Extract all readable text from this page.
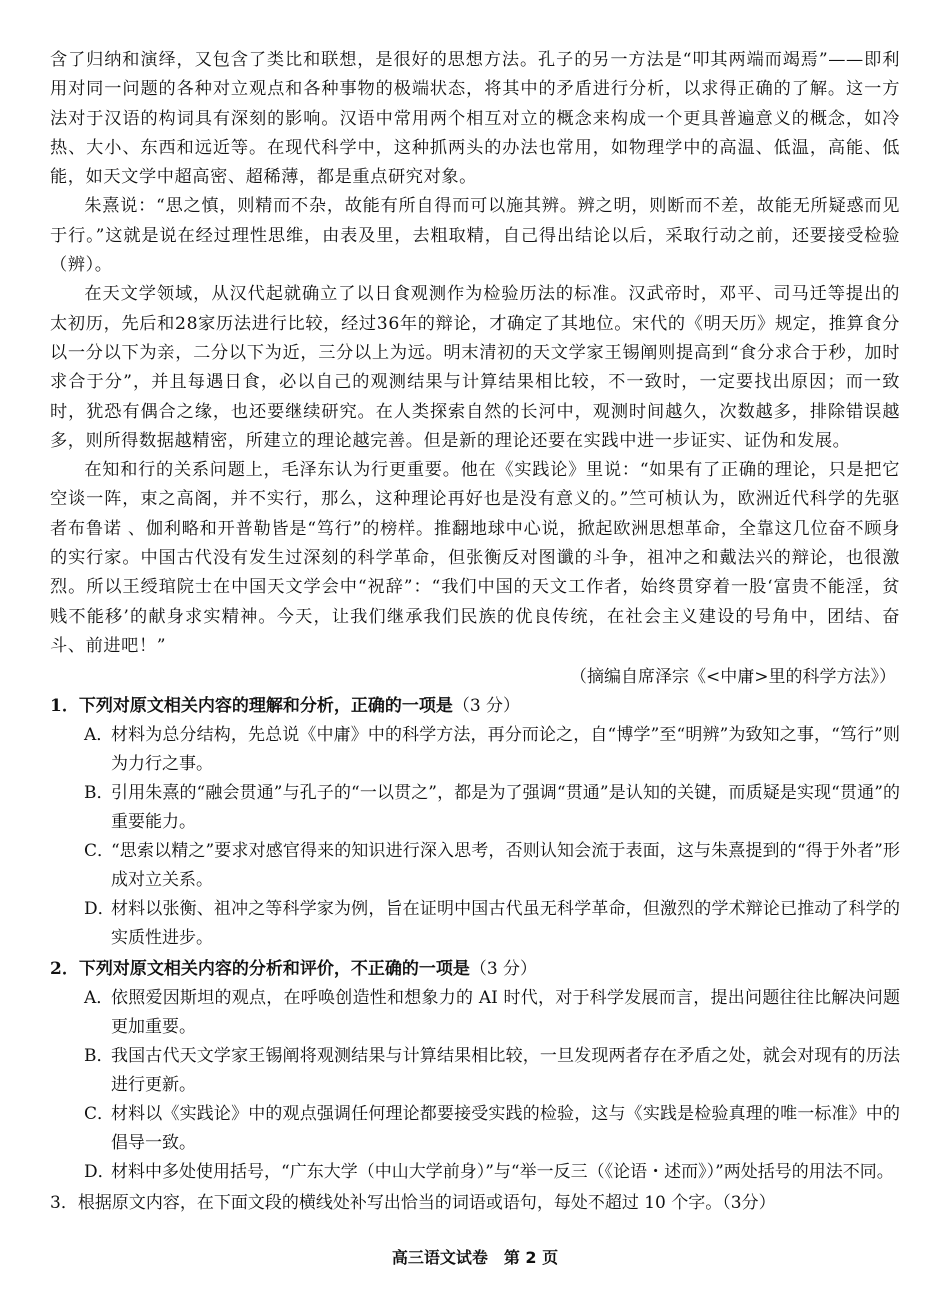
含了归纳和演绎，又包含了类比和联想，是很好的思想方法。孔子的另一方法是“叩其两端而竭焉”——即利用对同一问题的各种对立观点和各种事物的极端状态，将其中的矛盾进行分析，以求得正确的了解。这一方法对于汉语的构词具有深刻的影响。汉语中常用两个相互对立的概念来构成一个更具普遍意义的概念，如冷热、大小、东西和远近等。在现代科学中，这种抓两头的办法也常用，如物理学中的高温、低温，高能、低能，如天文学中超高密、超稀薄，都是重点研究对象。

朱熹说：“思之慎，则精而不杂，故能有所自得而可以施其辨。辨之明，则断而不差，故能无所疑惑而见于行。”这就是说在经过理性思维，由表及里，去粗取精，自己得出结论以后，采取行动之前，还要接受检验（辨）。

在天文学领域，从汉代起就确立了以日食观测作为检验历法的标准。汉武帝时，邓平、司马迁等提出的太初历，先后和28家历法进行比较，经过36年的辩论，才确定了其地位。宋代的《明天历》规定，推算食分以一分以下为亲，二分以下为近，三分以上为远。明末清初的天文学家王锡阐则提高到“食分求合于秒，加时求合于分”，并且每遇日食，必以自己的观测结果与计算结果相比较，不一致时，一定要找出原因；而一致时，犹恐有偶合之缘，也还要继续研究。在人类探索自然的长河中，观测时间越久，次数越多，排除错误越多，则所得数据越精密，所建立的理论越完善。但是新的理论还要在实践中进一步证实、证伪和发展。

在知和行的关系问题上，毛泽东认为行更重要。他在《实践论》里说：“如果有了正确的理论，只是把它空谈一阵，束之高阁，并不实行，那么，这种理论再好也是没有意义的。”竺可桢认为，欧洲近代科学的先驱者布鲁诺 、伽利略和开普勒皆是“笃行”的榜样。推翻地球中心说，掀起欧洲思想革命，全靠这几位奋不顾身的实行家。中国古代没有发生过深刻的科学革命，但张衡反对图谶的斗争，祖冲之和戴法兴的辩论，也很激烈。所以王绶琯院士在中国天文学会中“祝辞”：“我们中国的天文工作者，始终贯穿着一股‘富贵不能淫，贫贱不能移’的献身求实精神。今天，让我们继承我们民族的优良传统，在社会主义建设的号角中，团结、奋斗、前进吧！”

（摘编自席泽宗《<中庸>里的科学方法》）

1．下列对原文相关内容的理解和分析，正确的一项是（3 分）

A．
材料为总分结构，先总说《中庸》中的科学方法，再分而论之，自“博学”至“明辨”为致知之事，“笃行”则为力行之事。

B．
引用朱熹的“融会贯通”与孔子的“一以贯之”，都是为了强调“贯通”是认知的关键，而质疑是实现“贯通”的重要能力。

C．
“思索以精之”要求对感官得来的知识进行深入思考，否则认知会流于表面，这与朱熹提到的“得于外者”形成对立关系。

D．
材料以张衡、祖冲之等科学家为例，旨在证明中国古代虽无科学革命，但激烈的学术辩论已推动了科学的实质性进步。

2．下列对原文相关内容的分析和评价，不正确的一项是（3 分）

A．
依照爱因斯坦的观点，在呼唤创造性和想象力的 AI 时代，对于科学发展而言，提出问题往往比解决问题更加重要。

B．
我国古代天文学家王锡阐将观测结果与计算结果相比较，一旦发现两者存在矛盾之处，就会对现有的历法进行更新。

C．
材料以《实践论》中的观点强调任何理论都要接受实践的检验，这与《实践是检验真理的唯一标准》中的倡导一致。

D．
材料中多处使用括号，“广东大学（中山大学前身）”与“举一反三（《论语・述而》）”两处括号的用法不同。

3．根据原文内容，在下面文段的横线处补写出恰当的词语或语句，每处不超过 10 个字。（3分）

高三语文试卷　第 2 页
